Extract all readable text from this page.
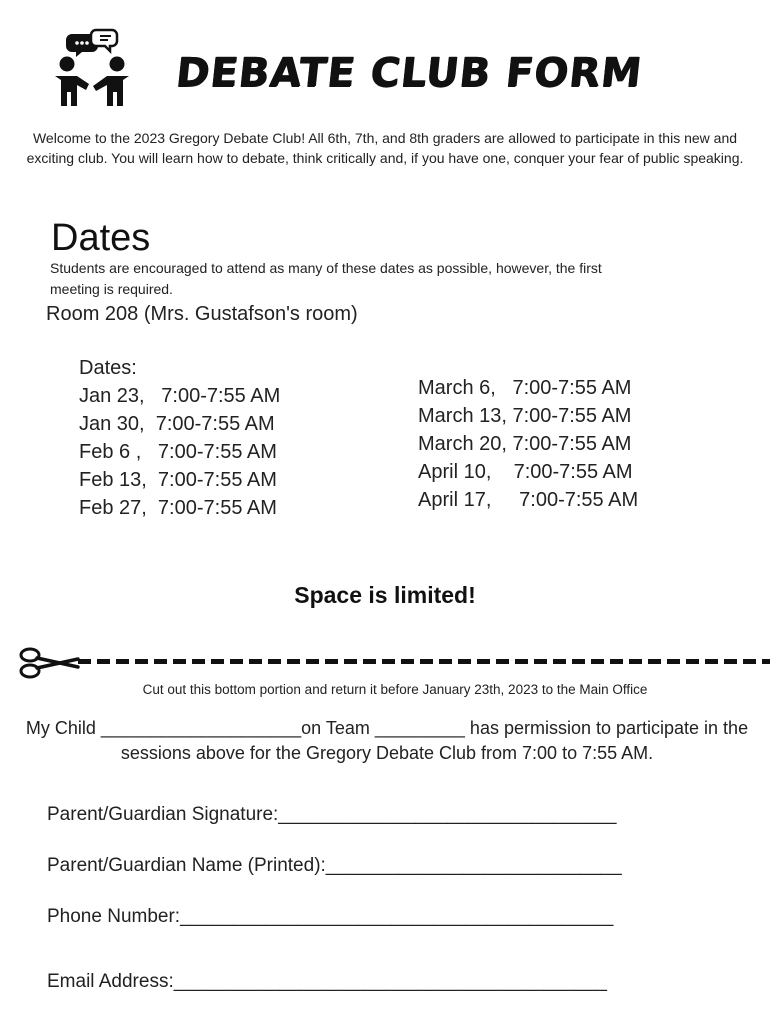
DEBATE CLUB FORM

Welcome to the 2023 Gregory Debate Club! All 6th, 7th, and 8th graders are allowed to participate in this new and exciting club. You will learn how to debate, think critically and, if you have one, conquer your fear of public speaking.

Dates

Students are encouraged to attend as many of these dates as possible, however, the first meeting is required.

Room 208 (Mrs. Gustafson's room)

Dates:
Jan 23,   7:00-7:55 AM
Jan 30,  7:00-7:55 AM
Feb 6 ,   7:00-7:55 AM
Feb 13,  7:00-7:55 AM
Feb 27,  7:00-7:55 AM
March 6,   7:00-7:55 AM
March 13, 7:00-7:55 AM
March 20, 7:00-7:55 AM
April 10,    7:00-7:55 AM
April 17,     7:00-7:55 AM

Space is limited!

Cut out this bottom portion and return it before January 23th, 2023 to the Main Office

My Child ____________________on Team _________ has permission to participate in the sessions above for the Gregory Debate Club from 7:00 to 7:55 AM.

Parent/Guardian Signature:________________________________

Parent/Guardian Name (Printed):____________________________

Phone Number:_________________________________________

Email Address:_________________________________________
